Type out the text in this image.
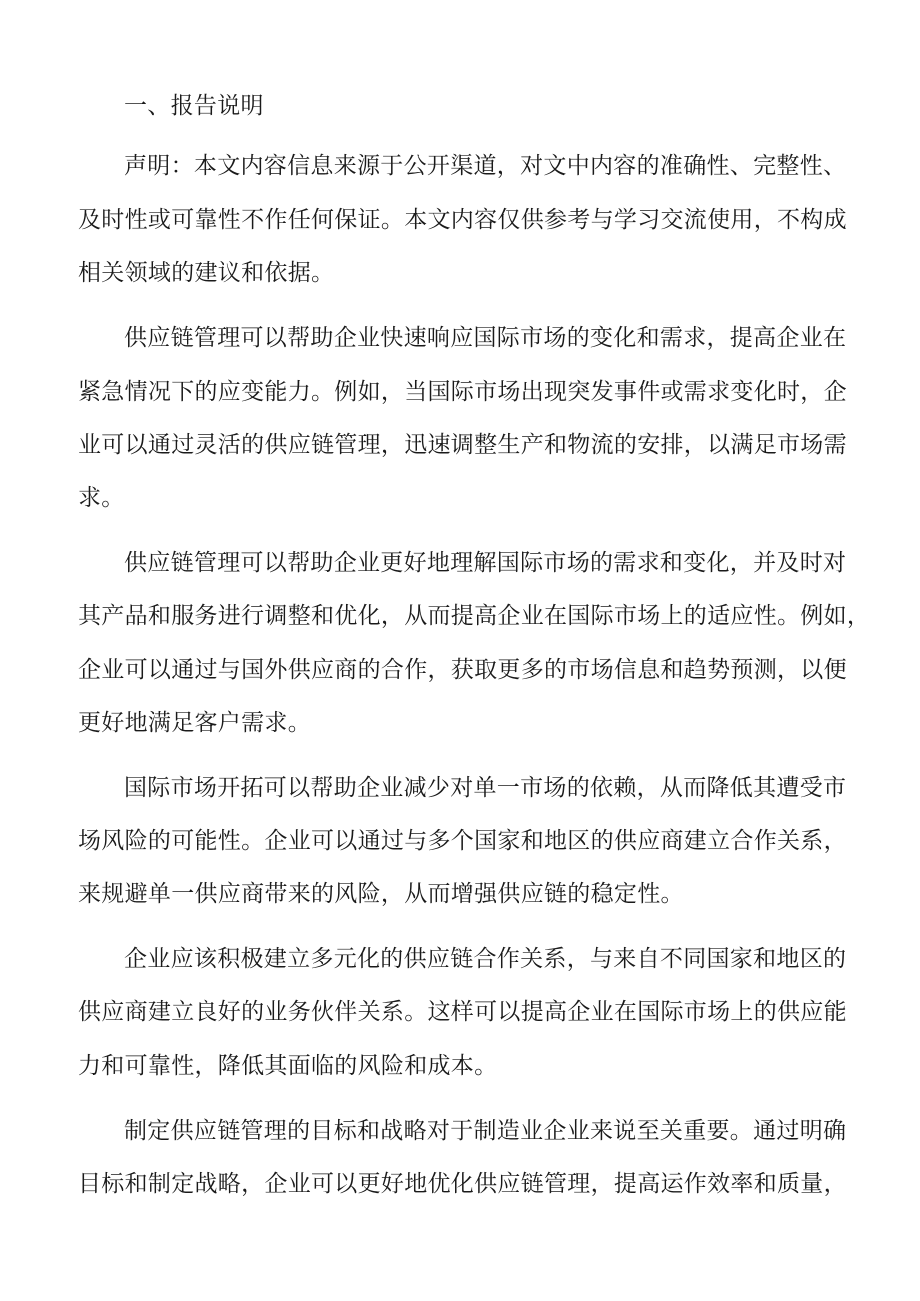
一、报告说明

声明：本文内容信息来源于公开渠道，对文中内容的准确性、完整性、

及时性或可靠性不作任何保证。本文内容仅供参考与学习交流使用，不构成

相关领域的建议和依据。

供应链管理可以帮助企业快速响应国际市场的变化和需求，提高企业在

紧急情况下的应变能力。例如，当国际市场出现突发事件或需求变化时，企

业可以通过灵活的供应链管理，迅速调整生产和物流的安排，以满足市场需

求。

供应链管理可以帮助企业更好地理解国际市场的需求和变化，并及时对

其产品和服务进行调整和优化，从而提高企业在国际市场上的适应性。例如，

企业可以通过与国外供应商的合作，获取更多的市场信息和趋势预测，以便

更好地满足客户需求。

国际市场开拓可以帮助企业减少对单一市场的依赖，从而降低其遭受市

场风险的可能性。企业可以通过与多个国家和地区的供应商建立合作关系，

来规避单一供应商带来的风险，从而增强供应链的稳定性。

企业应该积极建立多元化的供应链合作关系，与来自不同国家和地区的

供应商建立良好的业务伙伴关系。这样可以提高企业在国际市场上的供应能

力和可靠性，降低其面临的风险和成本。

制定供应链管理的目标和战略对于制造业企业来说至关重要。通过明确

目标和制定战略，企业可以更好地优化供应链管理，提高运作效率和质量，
